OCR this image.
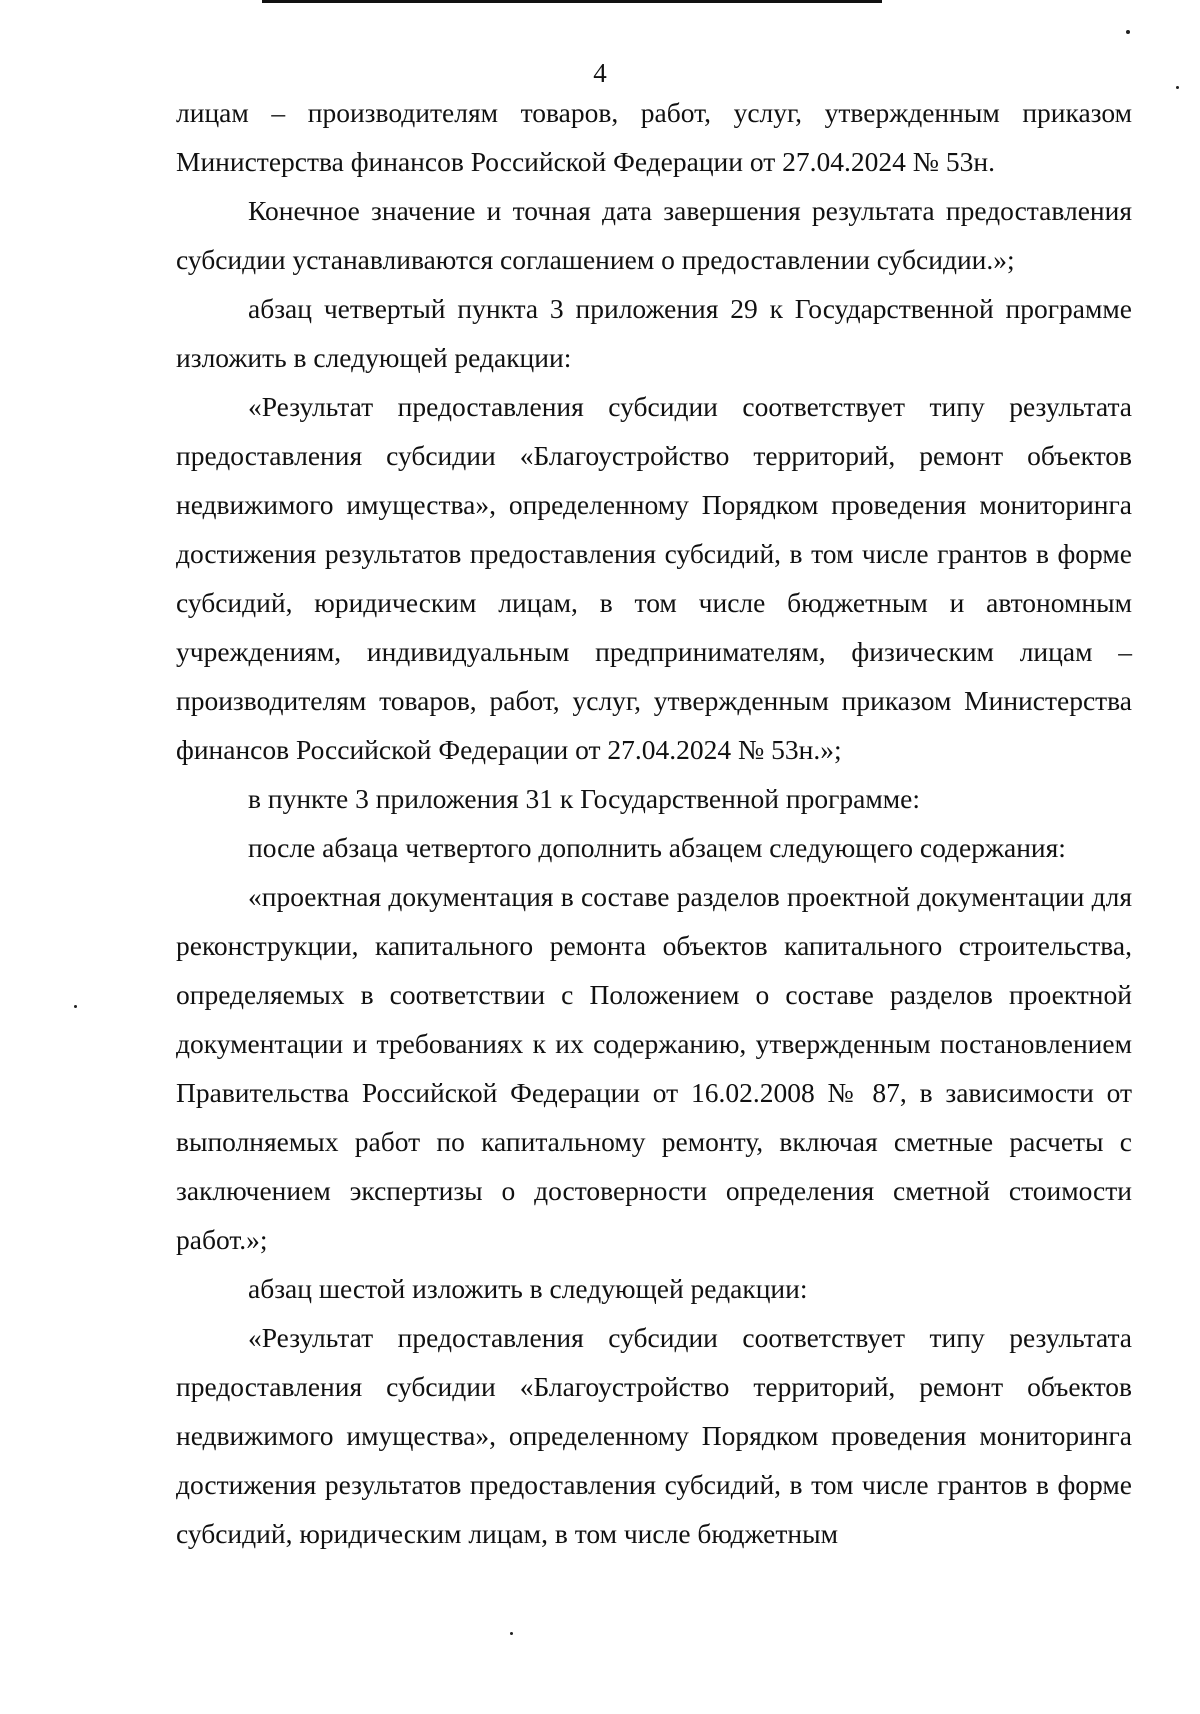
4

лицам – производителям товаров, работ, услуг, утвержденным приказом Министерства финансов Российской Федерации от 27.04.2024 № 53н.

Конечное значение и точная дата завершения результата предоставления субсидии устанавливаются соглашением о предоставлении субсидии.»;

абзац четвертый пункта 3 приложения 29 к Государственной программе изложить в следующей редакции:

«Результат предоставления субсидии соответствует типу результата предоставления субсидии «Благоустройство территорий, ремонт объектов недвижимого имущества», определенному Порядком проведения мониторинга достижения результатов предоставления субсидий, в том числе грантов в форме субсидий, юридическим лицам, в том числе бюджетным и автономным учреждениям, индивидуальным предпринимателям, физическим лицам – производителям товаров, работ, услуг, утвержденным приказом Министерства финансов Российской Федерации от 27.04.2024 № 53н.»;

в пункте 3 приложения 31 к Государственной программе:

после абзаца четвертого дополнить абзацем следующего содержания:

«проектная документация в составе разделов проектной документации для реконструкции, капитального ремонта объектов капитального строительства, определяемых в соответствии с Положением о составе разделов проектной документации и требованиях к их содержанию, утвержденным постановлением Правительства Российской Федерации от 16.02.2008 № 87, в зависимости от выполняемых работ по капитальному ремонту, включая сметные расчеты с заключением экспертизы о достоверности определения сметной стоимости работ.»;

абзац шестой изложить в следующей редакции:

«Результат предоставления субсидии соответствует типу результата предоставления субсидии «Благоустройство территорий, ремонт объектов недвижимого имущества», определенному Порядком проведения мониторинга достижения результатов предоставления субсидий, в том числе грантов в форме субсидий, юридическим лицам, в том числе бюджетным
